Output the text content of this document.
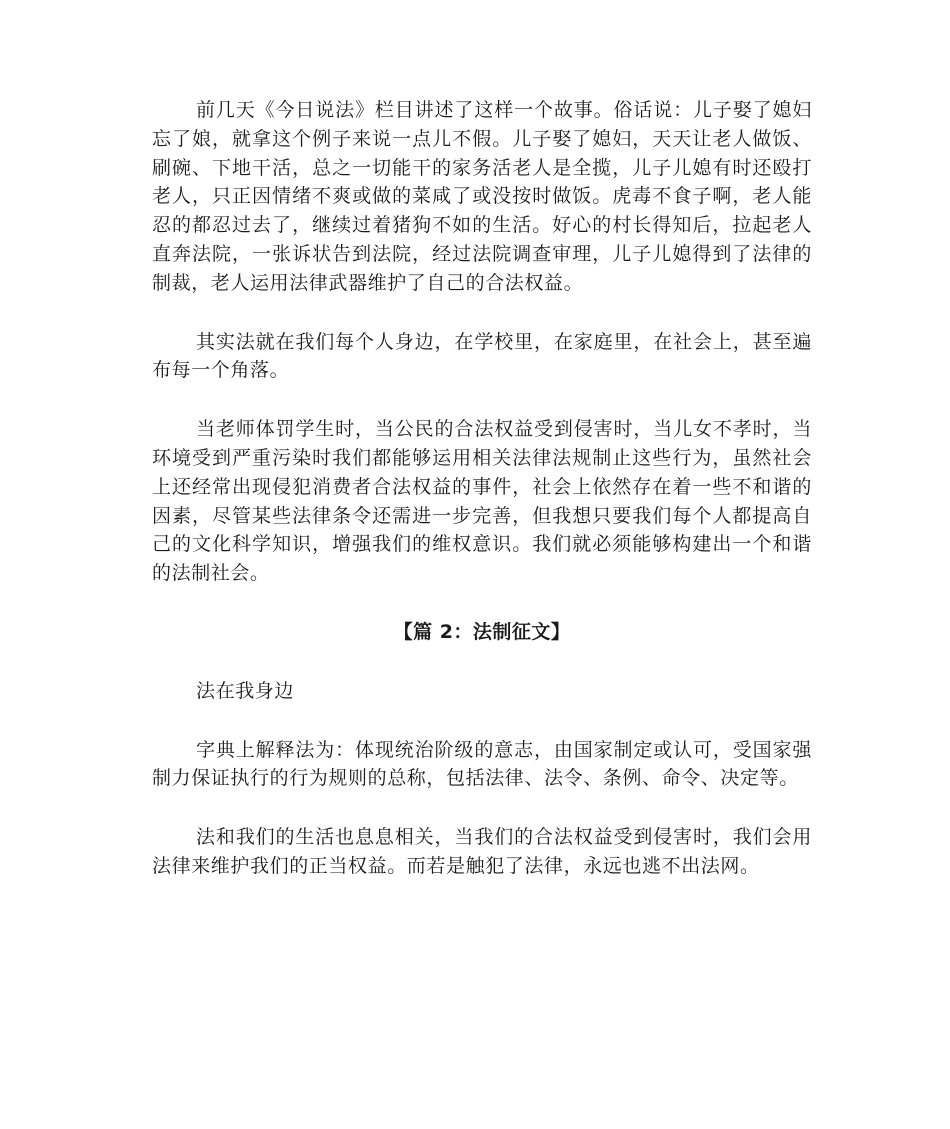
前几天《今日说法》栏目讲述了这样一个故事。俗话说：儿子娶了媳妇忘了娘，就拿这个例子来说一点儿不假。儿子娶了媳妇，天天让老人做饭、刷碗、下地干活，总之一切能干的家务活老人是全揽，儿子儿媳有时还殴打老人，只正因情绪不爽或做的菜咸了或没按时做饭。虎毒不食子啊，老人能忍的都忍过去了，继续过着猪狗不如的生活。好心的村长得知后，拉起老人直奔法院，一张诉状告到法院，经过法院调查审理，儿子儿媳得到了法律的制裁，老人运用法律武器维护了自己的合法权益。

其实法就在我们每个人身边，在学校里，在家庭里，在社会上，甚至遍布每一个角落。

当老师体罚学生时，当公民的合法权益受到侵害时，当儿女不孝时，当环境受到严重污染时我们都能够运用相关法律法规制止这些行为，虽然社会上还经常出现侵犯消费者合法权益的事件，社会上依然存在着一些不和谐的因素，尽管某些法律条令还需进一步完善，但我想只要我们每个人都提高自己的文化科学知识，增强我们的维权意识。我们就必须能够构建出一个和谐的法制社会。

【篇 2：法制征文】

法在我身边

字典上解释法为：体现统治阶级的意志，由国家制定或认可，受国家强制力保证执行的行为规则的总称，包括法律、法令、条例、命令、决定等。

法和我们的生活也息息相关，当我们的合法权益受到侵害时，我们会用法律来维护我们的正当权益。而若是触犯了法律，永远也逃不出法网。
